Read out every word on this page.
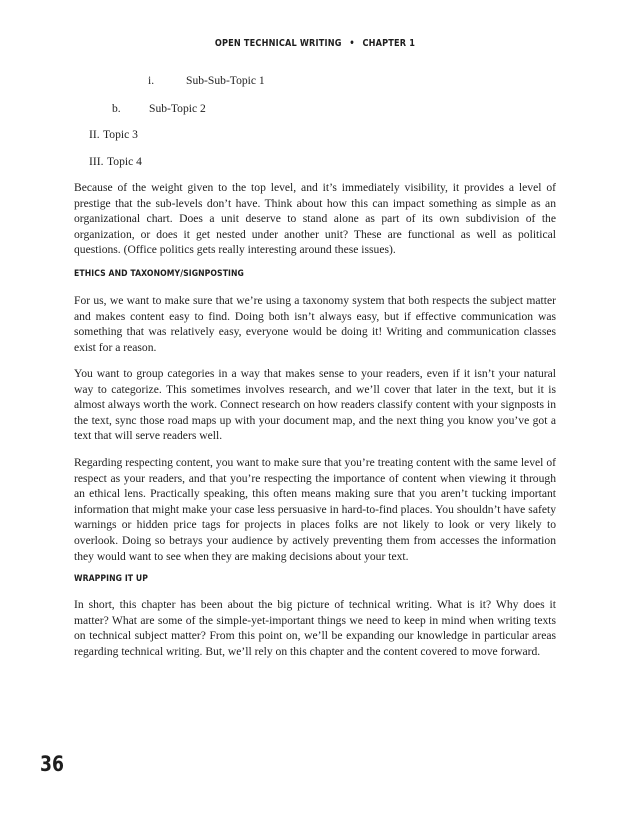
OPEN TECHNICAL WRITING • CHAPTER 1
i.	Sub-Sub-Topic 1
b. Sub-Topic 2
II. Topic 3
III. Topic 4

Because of the weight given to the top level, and it’s immediately visibility, it provides a level of prestige that the sub-levels don’t have. Think about how this can impact something as simple as an organizational chart. Does a unit deserve to stand alone as part of its own subdivision of the organization, or does it get nested under another unit? These are functional as well as political questions. (Office politics gets really interesting around these issues).

ETHICS AND TAXONOMY/SIGNPOSTING

For us, we want to make sure that we’re using a taxonomy system that both respects the subject matter and makes content easy to find. Doing both isn’t always easy, but if effective communication was something that was relatively easy, everyone would be doing it! Writing and communication classes exist for a reason.

You want to group categories in a way that makes sense to your readers, even if it isn’t your natural way to categorize. This sometimes involves research, and we’ll cover that later in the text, but it is almost always worth the work. Connect research on how readers classify content with your signposts in the text, sync those road maps up with your document map, and the next thing you know you’ve got a text that will serve readers well.

Regarding respecting content, you want to make sure that you’re treating content with the same level of respect as your readers, and that you’re respecting the importance of content when viewing it through an ethical lens. Practically speaking, this often means making sure that you aren’t tucking important information that might make your case less persuasive in hard-to-find places. You shouldn’t have safety warnings or hidden price tags for projects in places folks are not likely to look or very likely to overlook. Doing so betrays your audience by actively preventing them from accesses the information they would want to see when they are making decisions about your text.

WRAPPING IT UP

In short, this chapter has been about the big picture of technical writing. What is it? Why does it matter? What are some of the simple-yet-important things we need to keep in mind when writing texts on technical subject matter? From this point on, we’ll be expanding our knowledge in particular areas regarding technical writing. But, we’ll rely on this chapter and the content covered to move forward.

36
